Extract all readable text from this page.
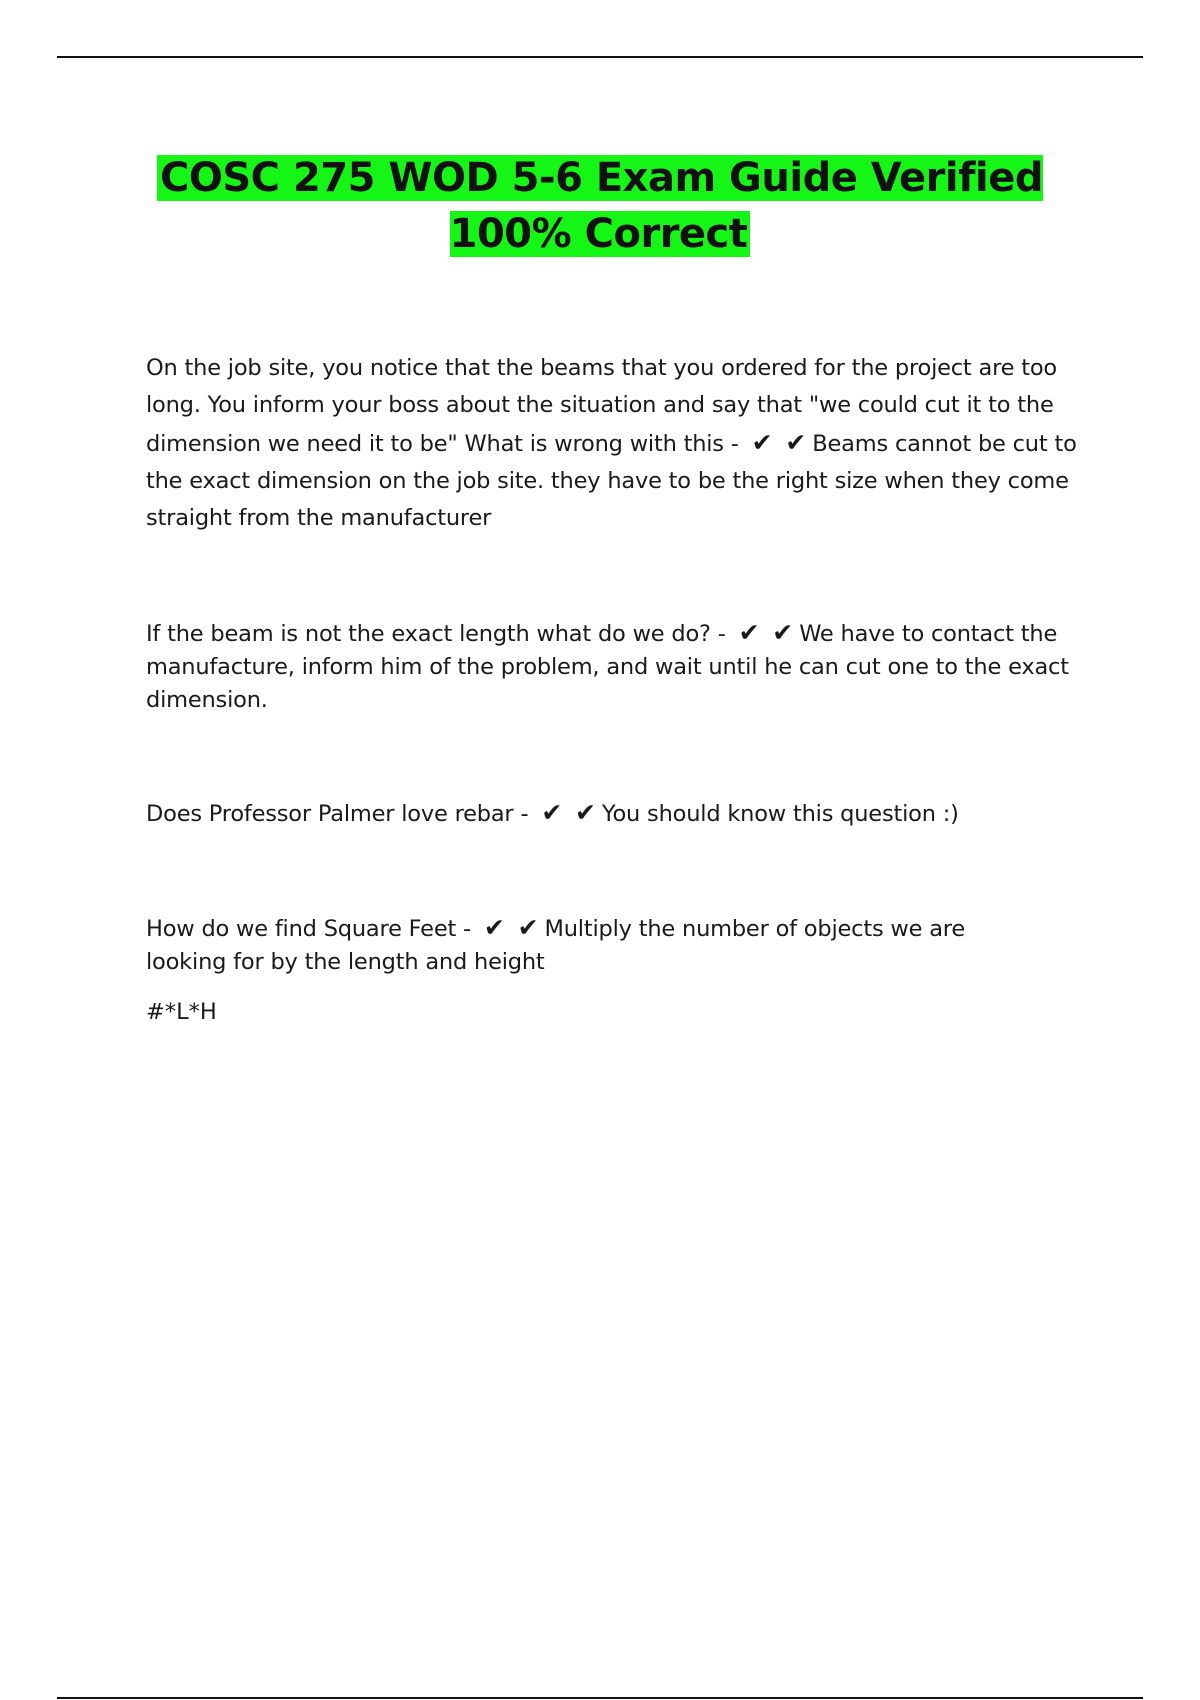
COSC 275 WOD 5-6 Exam Guide Verified 100% Correct

On the job site, you notice that the beams that you ordered for the project are too long. You inform your boss about the situation and say that "we could cut it to the dimension we need it to be" What is wrong with this - ✔ ✔ Beams cannot be cut to the exact dimension on the job site. they have to be the right size when they come straight from the manufacturer

If the beam is not the exact length what do we do? - ✔ ✔ We have to contact the manufacture, inform him of the problem, and wait until he can cut one to the exact dimension.

Does Professor Palmer love rebar - ✔ ✔ You should know this question :)

How do we find Square Feet - ✔ ✔ Multiply the number of objects we are looking for by the length and height

#*L*H
